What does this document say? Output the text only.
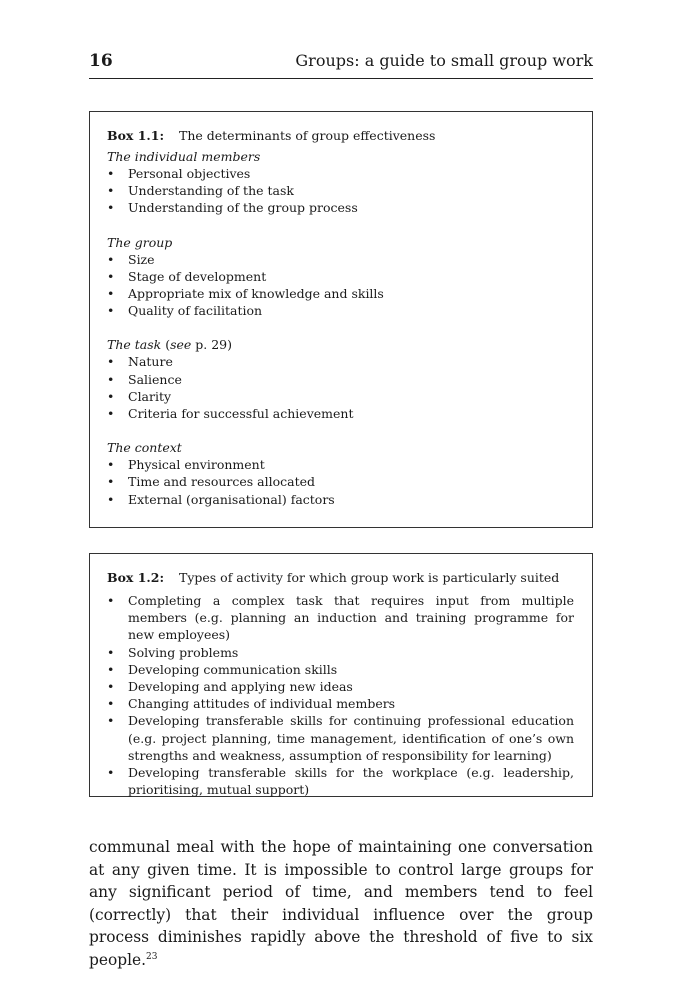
16	Groups: a guide to small group work
Box 1.1: The determinants of group effectiveness
The individual members
• Personal objectives
• Understanding of the task
• Understanding of the group process
The group
• Size
• Stage of development
• Appropriate mix of knowledge and skills
• Quality of facilitation
The task (see p. 29)
• Nature
• Salience
• Clarity
• Criteria for successful achievement
The context
• Physical environment
• Time and resources allocated
• External (organisational) factors
Box 1.2: Types of activity for which group work is particularly suited
• Completing a complex task that requires input from multiple members (e.g. planning an induction and training programme for new employees)
• Solving problems
• Developing communication skills
• Developing and applying new ideas
• Changing attitudes of individual members
• Developing transferable skills for continuing professional education (e.g. project planning, time management, identification of one’s own strengths and weakness, assumption of responsibility for learning)
• Developing transferable skills for the workplace (e.g. leadership, prioritising, mutual support)

communal meal with the hope of maintaining one conversation at any given time. It is impossible to control large groups for any significant period of time, and members tend to feel (correctly) that their individual influence over the group process diminishes rapidly above the threshold of five to six people.$^{23}$
